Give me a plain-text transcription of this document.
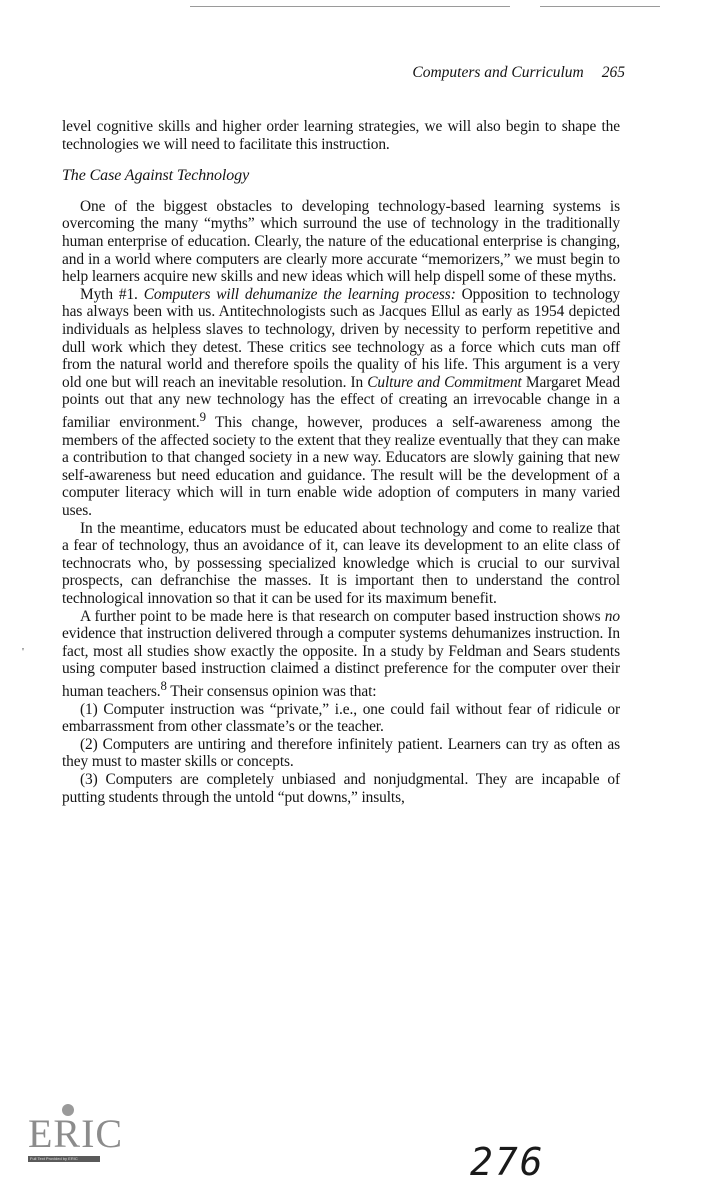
Computers and Curriculum 265

level cognitive skills and higher order learning strategies, we will also begin to shape the technologies we will need to facilitate this instruction.

The Case Against Technology

One of the biggest obstacles to developing technology-based learning systems is overcoming the many “myths” which surround the use of technology in the traditionally human enterprise of education. Clearly, the nature of the educational enterprise is changing, and in a world where computers are clearly more accurate “memorizers,” we must begin to help learners acquire new skills and new ideas which will help dispell some of these myths.

Myth #1. Computers will dehumanize the learning process: Opposition to technology has always been with us. Antitechnologists such as Jacques Ellul as early as 1954 depicted individuals as helpless slaves to technology, driven by necessity to perform repetitive and dull work which they detest. These critics see technology as a force which cuts man off from the natural world and therefore spoils the quality of his life. This argument is a very old one but will reach an inevitable resolution. In Culture and Commitment Margaret Mead points out that any new technology has the effect of creating an irrevocable change in a familiar environment.$^9$ This change, however, produces a self-awareness among the members of the affected society to the extent that they realize eventually that they can make a contribution to that changed society in a new way. Educators are slowly gaining that new self-awareness but need education and guidance. The result will be the development of a computer literacy which will in turn enable wide adoption of computers in many varied uses.

In the meantime, educators must be educated about technology and come to realize that a fear of technology, thus an avoidance of it, can leave its development to an elite class of technocrats who, by possessing specialized knowledge which is crucial to our survival prospects, can defranchise the masses. It is important then to understand the control technological innovation so that it can be used for its maximum benefit.

A further point to be made here is that research on computer based instruction shows no evidence that instruction delivered through a computer systems dehumanizes instruction. In fact, most all studies show exactly the opposite. In a study by Feldman and Sears students using computer based instruction claimed a distinct preference for the computer over their human teachers.$^8$ Their consensus opinion was that:

(1) Computer instruction was “private,” i.e., one could fail without fear of ridicule or embarrassment from other classmate’s or the teacher.

(2) Computers are untiring and therefore infinitely patient. Learners can try as often as they must to master skills or concepts.

(3) Computers are completely unbiased and nonjudgmental. They are incapable of putting students through the untold “put downs,” insults,

'
ERIC
Full Text Provided by ERIC	276
